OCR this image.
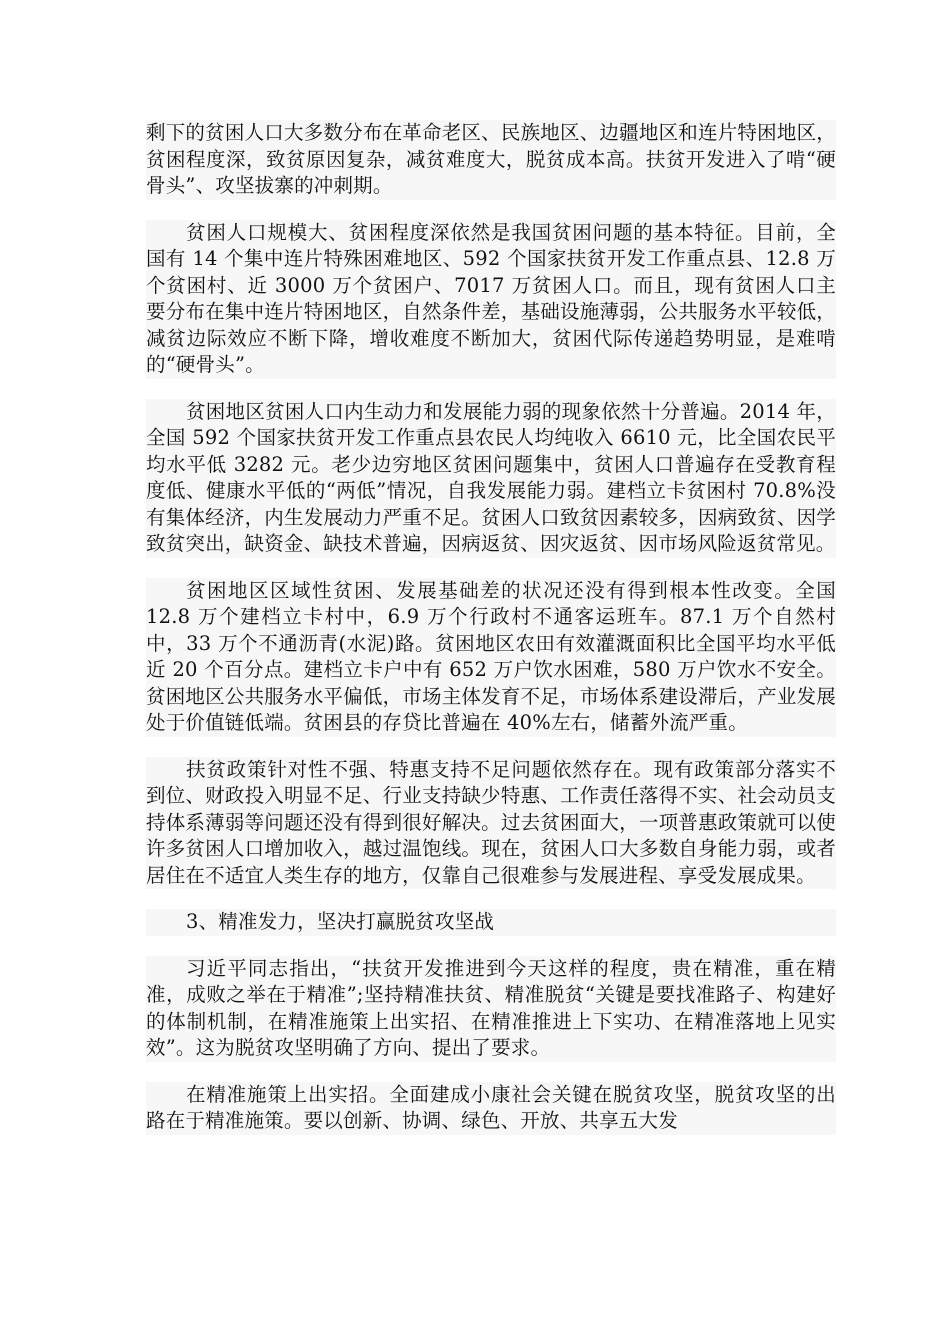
剩下的贫困人口大多数分布在革命老区、民族地区、边疆地区和连片特困地区，贫困程度深，致贫原因复杂，减贫难度大，脱贫成本高。扶贫开发进入了啃“硬骨头”、攻坚拔寨的冲刺期。

贫困人口规模大、贫困程度深依然是我国贫困问题的基本特征。目前，全国有 14 个集中连片特殊困难地区、592 个国家扶贫开发工作重点县、12.8 万个贫困村、近 3000 万个贫困户、7017 万贫困人口。而且，现有贫困人口主要分布在集中连片特困地区，自然条件差，基础设施薄弱，公共服务水平较低，减贫边际效应不断下降，增收难度不断加大，贫困代际传递趋势明显，是难啃的“硬骨头”。

贫困地区贫困人口内生动力和发展能力弱的现象依然十分普遍。2014 年，全国 592 个国家扶贫开发工作重点县农民人均纯收入 6610 元，比全国农民平均水平低 3282 元。老少边穷地区贫困问题集中，贫困人口普遍存在受教育程度低、健康水平低的“两低”情况，自我发展能力弱。建档立卡贫困村 70.8%没有集体经济，内生发展动力严重不足。贫困人口致贫因素较多，因病致贫、因学致贫突出，缺资金、缺技术普遍，因病返贫、因灾返贫、因市场风险返贫常见。

贫困地区区域性贫困、发展基础差的状况还没有得到根本性改变。全国 12.8 万个建档立卡村中，6.9 万个行政村不通客运班车。87.1 万个自然村中，33 万个不通沥青(水泥)路。贫困地区农田有效灌溉面积比全国平均水平低近 20 个百分点。建档立卡户中有 652 万户饮水困难，580 万户饮水不安全。贫困地区公共服务水平偏低，市场主体发育不足，市场体系建设滞后，产业发展处于价值链低端。贫困县的存贷比普遍在 40%左右，储蓄外流严重。

扶贫政策针对性不强、特惠支持不足问题依然存在。现有政策部分落实不到位、财政投入明显不足、行业支持缺少特惠、工作责任落得不实、社会动员支持体系薄弱等问题还没有得到很好解决。过去贫困面大，一项普惠政策就可以使许多贫困人口增加收入，越过温饱线。现在，贫困人口大多数自身能力弱，或者居住在不适宜人类生存的地方，仅靠自己很难参与发展进程、享受发展成果。

3、精准发力，坚决打赢脱贫攻坚战

习近平同志指出，“扶贫开发推进到今天这样的程度，贵在精准，重在精准，成败之举在于精准”;坚持精准扶贫、精准脱贫“关键是要找准路子、构建好的体制机制，在精准施策上出实招、在精准推进上下实功、在精准落地上见实效”。这为脱贫攻坚明确了方向、提出了要求。

在精准施策上出实招。全面建成小康社会关键在脱贫攻坚，脱贫攻坚的出路在于精准施策。要以创新、协调、绿色、开放、共享五大发
